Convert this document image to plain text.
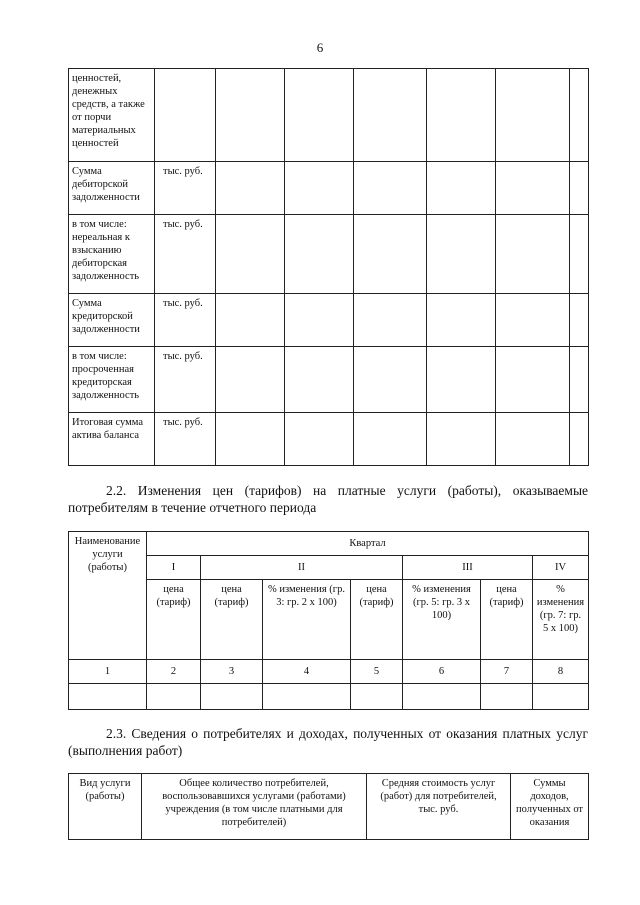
6
ценностей, денежных средств, а также от порчи материальных ценностей							
Сумма дебиторской задолженности	тыс. руб.						
в том числе: нереальная к взысканию дебиторская задолженность	тыс. руб.						
Сумма кредиторской задолженности	тыс. руб.						
в том числе: просроченная кредиторская задолженность	тыс. руб.						
Итоговая сумма актива баланса	тыс. руб.						
2.2. Изменения цен (тарифов) на платные услуги (работы), оказываемые потребителям в течение отчетного периода
Наименование услуги (работы)	Квартал						
	I	II			III		IV
	цена (тариф)	цена (тариф)	% изменения (гр. 3: гр. 2 х 100)	цена (тариф)	% изменения (гр. 5: гр. 3 х 100)	цена (тариф)	% изменения (гр. 7: гр. 5 х 100)
1	2	3	4	5	6	7	8

2.3. Сведения о потребителях и доходах, полученных от оказания платных услуг (выполнения работ)
Вид услуги (работы)	Общее количество потребителей, воспользовавшихся услугами (работами) учреждения (в том числе платными для потребителей)	Средняя стоимость услуг (работ) для потребителей, тыс. руб.	Суммы доходов, полученных от оказания
